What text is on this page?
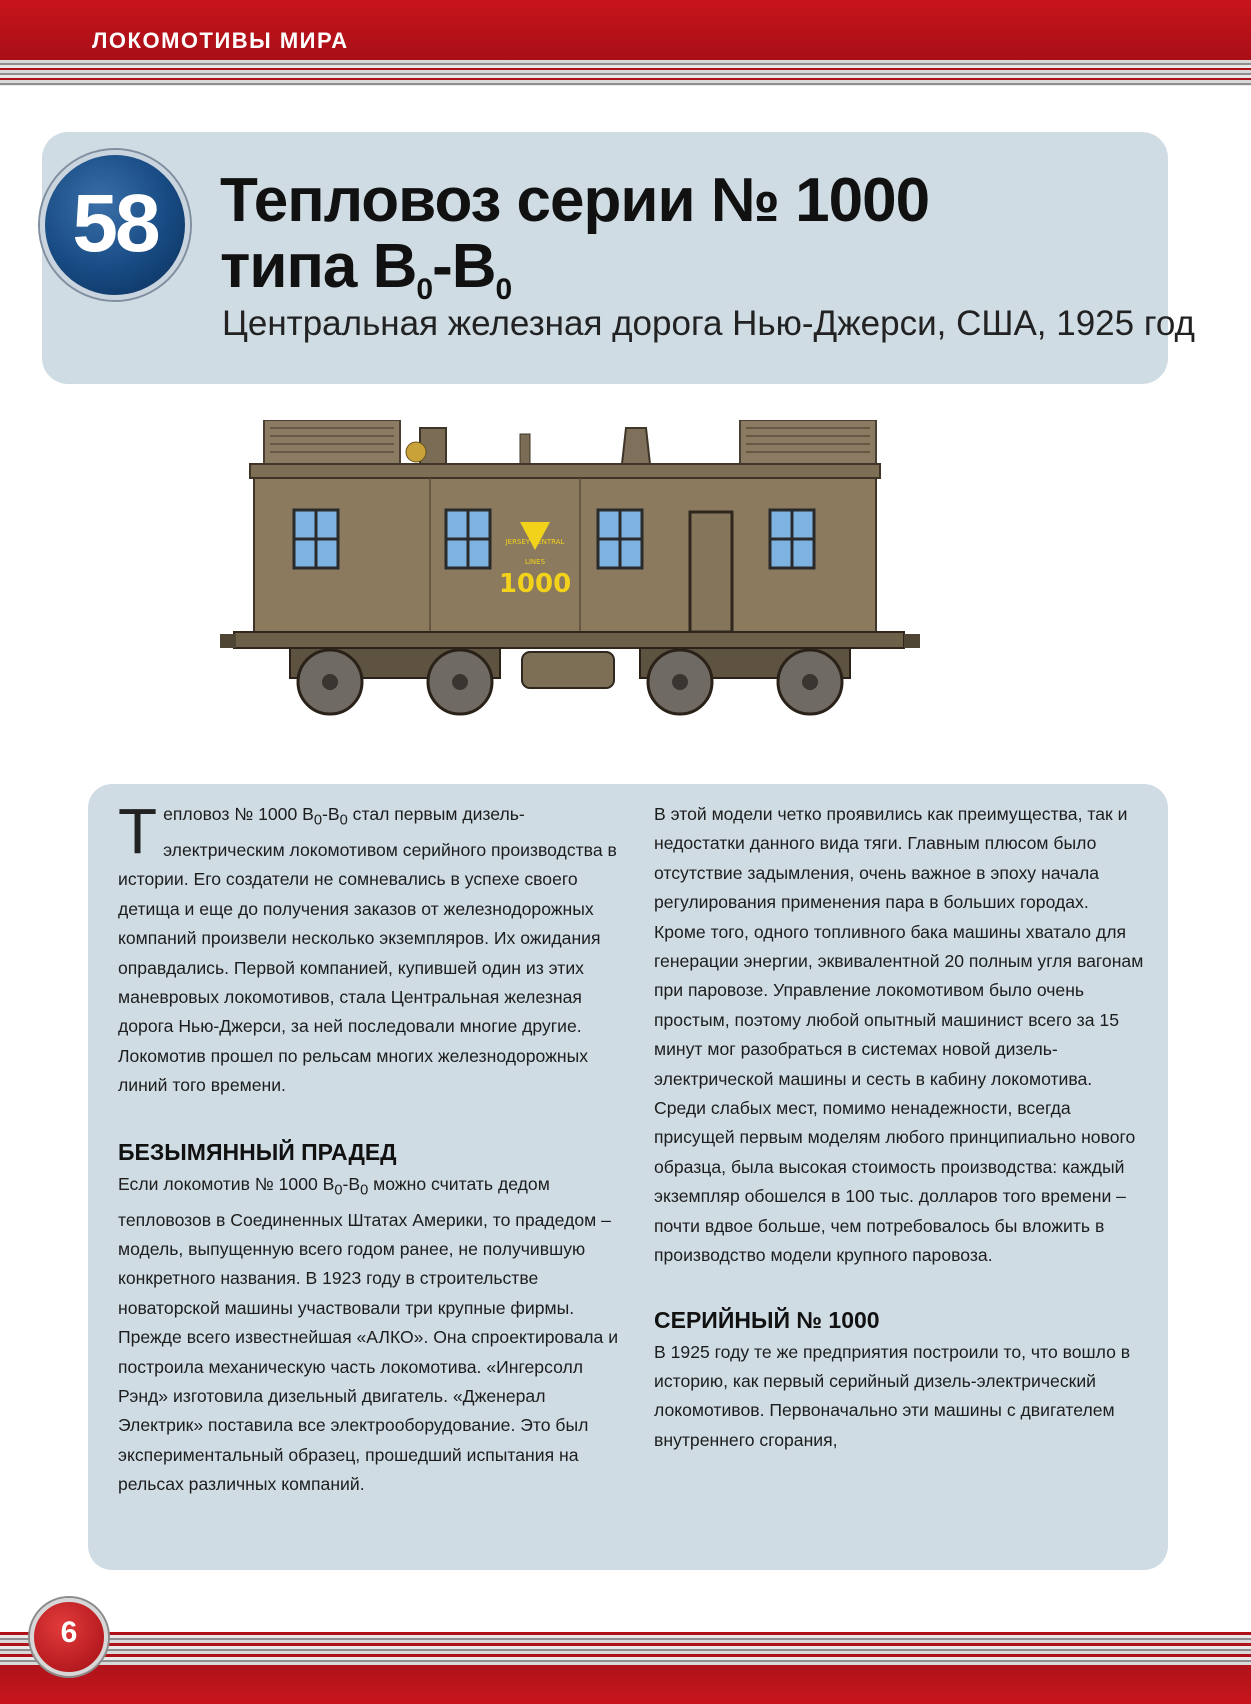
ЛОКОМОТИВЫ МИРА
58	Тепловоз серии № 1000
типа $B_0-B_0$
Центральная железная дорога Нью-Джерси, США, 1925 год
JERSEY CENTRAL
LINES
1000

Тепловоз № 1000 $В_0-В_0$ стал первым дизель-электрическим локомотивом серийного производства в истории. Его создатели не сомневались в успехе своего детища и еще до получения заказов от железнодорожных компаний произвели несколько экземпляров. Их ожидания оправдались. Первой компанией, купившей один из этих маневровых локомотивов, стала Центральная железная дорога Нью-Джерси, за ней последовали многие другие. Локомотив прошел по рельсам многих железнодорожных линий того времени.

БЕЗЫМЯННЫЙ ПРАДЕД

Если локомотив № 1000 $В_0-В_0$ можно считать дедом тепловозов в Соединенных Штатах Америки, то прадедом – модель, выпущенную всего годом ранее, не получившую конкретного названия. В 1923 году в строительстве новаторской машины участвовали три крупные фирмы. Прежде всего известнейшая «АЛКО». Она спроектировала и построила механическую часть локомотива. «Ингерсолл Рэнд» изготовила дизельный двигатель. «Дженерал Электрик» поставила все электрооборудование. Это был экспериментальный образец, прошедший испытания на рельсах различных компаний.

В этой модели четко проявились как преимущества, так и недостатки данного вида тяги. Главным плюсом было отсутствие задымления, очень важное в эпоху начала регулирования применения пара в больших городах. Кроме того, одного топливного бака машины хватало для генерации энергии, эквивалентной 20 полным угля вагонам при паровозе. Управление локомотивом было очень простым, поэтому любой опытный машинист всего за 15 минут мог разобраться в системах новой дизель-электрической машины и сесть в кабину локомотива.

Среди слабых мест, помимо ненадежности, всегда присущей первым моделям любого принципиально нового образца, была высокая стоимость производства: каждый экземпляр обошелся в 100 тыс. долларов того времени – почти вдвое больше, чем потребовалось бы вложить в производство модели крупного паровоза.

СЕРИЙНЫЙ № 1000

В 1925 году те же предприятия построили то, что вошло в историю, как первый серийный дизель-электрический локомотивов. Первоначально эти машины с двигателем внутреннего сгорания,

6
